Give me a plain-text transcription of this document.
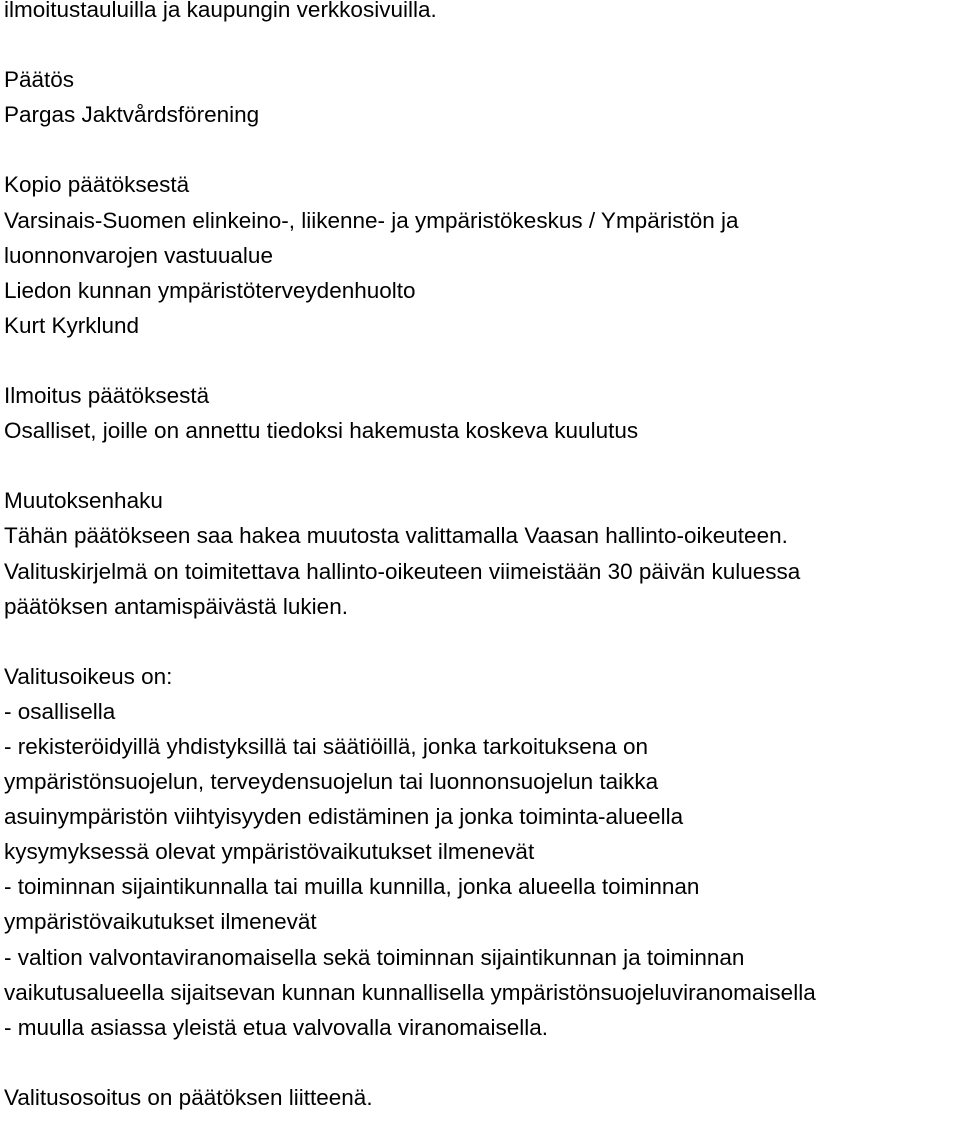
ilmoitustauluilla ja kaupungin verkkosivuilla.
Päätös
Pargas Jaktvårdsförening
Kopio päätöksestä
Varsinais-Suomen elinkeino-, liikenne- ja ympäristökeskus / Ympäristön ja
luonnonvarojen vastuualue
Liedon kunnan ympäristöterveydenhuolto
Kurt Kyrklund
Ilmoitus päätöksestä
Osalliset, joille on annettu tiedoksi hakemusta koskeva kuulutus
Muutoksenhaku
Tähän päätökseen saa hakea muutosta valittamalla Vaasan hallinto-oikeuteen.
Valituskirjelmä on toimitettava hallinto-oikeuteen viimeistään 30 päivän kuluessa
päätöksen antamispäivästä lukien.
Valitusoikeus on:
- osallisella
- rekisteröidyillä yhdistyksillä tai säätiöillä, jonka tarkoituksena on
ympäristönsuojelun, terveydensuojelun tai luonnonsuojelun taikka
asuinympäristön viihtyisyyden edistäminen ja jonka toiminta-alueella
kysymyksessä olevat ympäristövaikutukset ilmenevät
- toiminnan sijaintikunnalla tai muilla kunnilla, jonka alueella toiminnan
ympäristövaikutukset ilmenevät
- valtion valvontaviranomaisella sekä toiminnan sijaintikunnan ja toiminnan
vaikutusalueella sijaitsevan kunnan kunnallisella ympäristönsuojeluviranomaisella
- muulla asiassa yleistä etua valvovalla viranomaisella.
Valitusosoitus on päätöksen liitteenä.
